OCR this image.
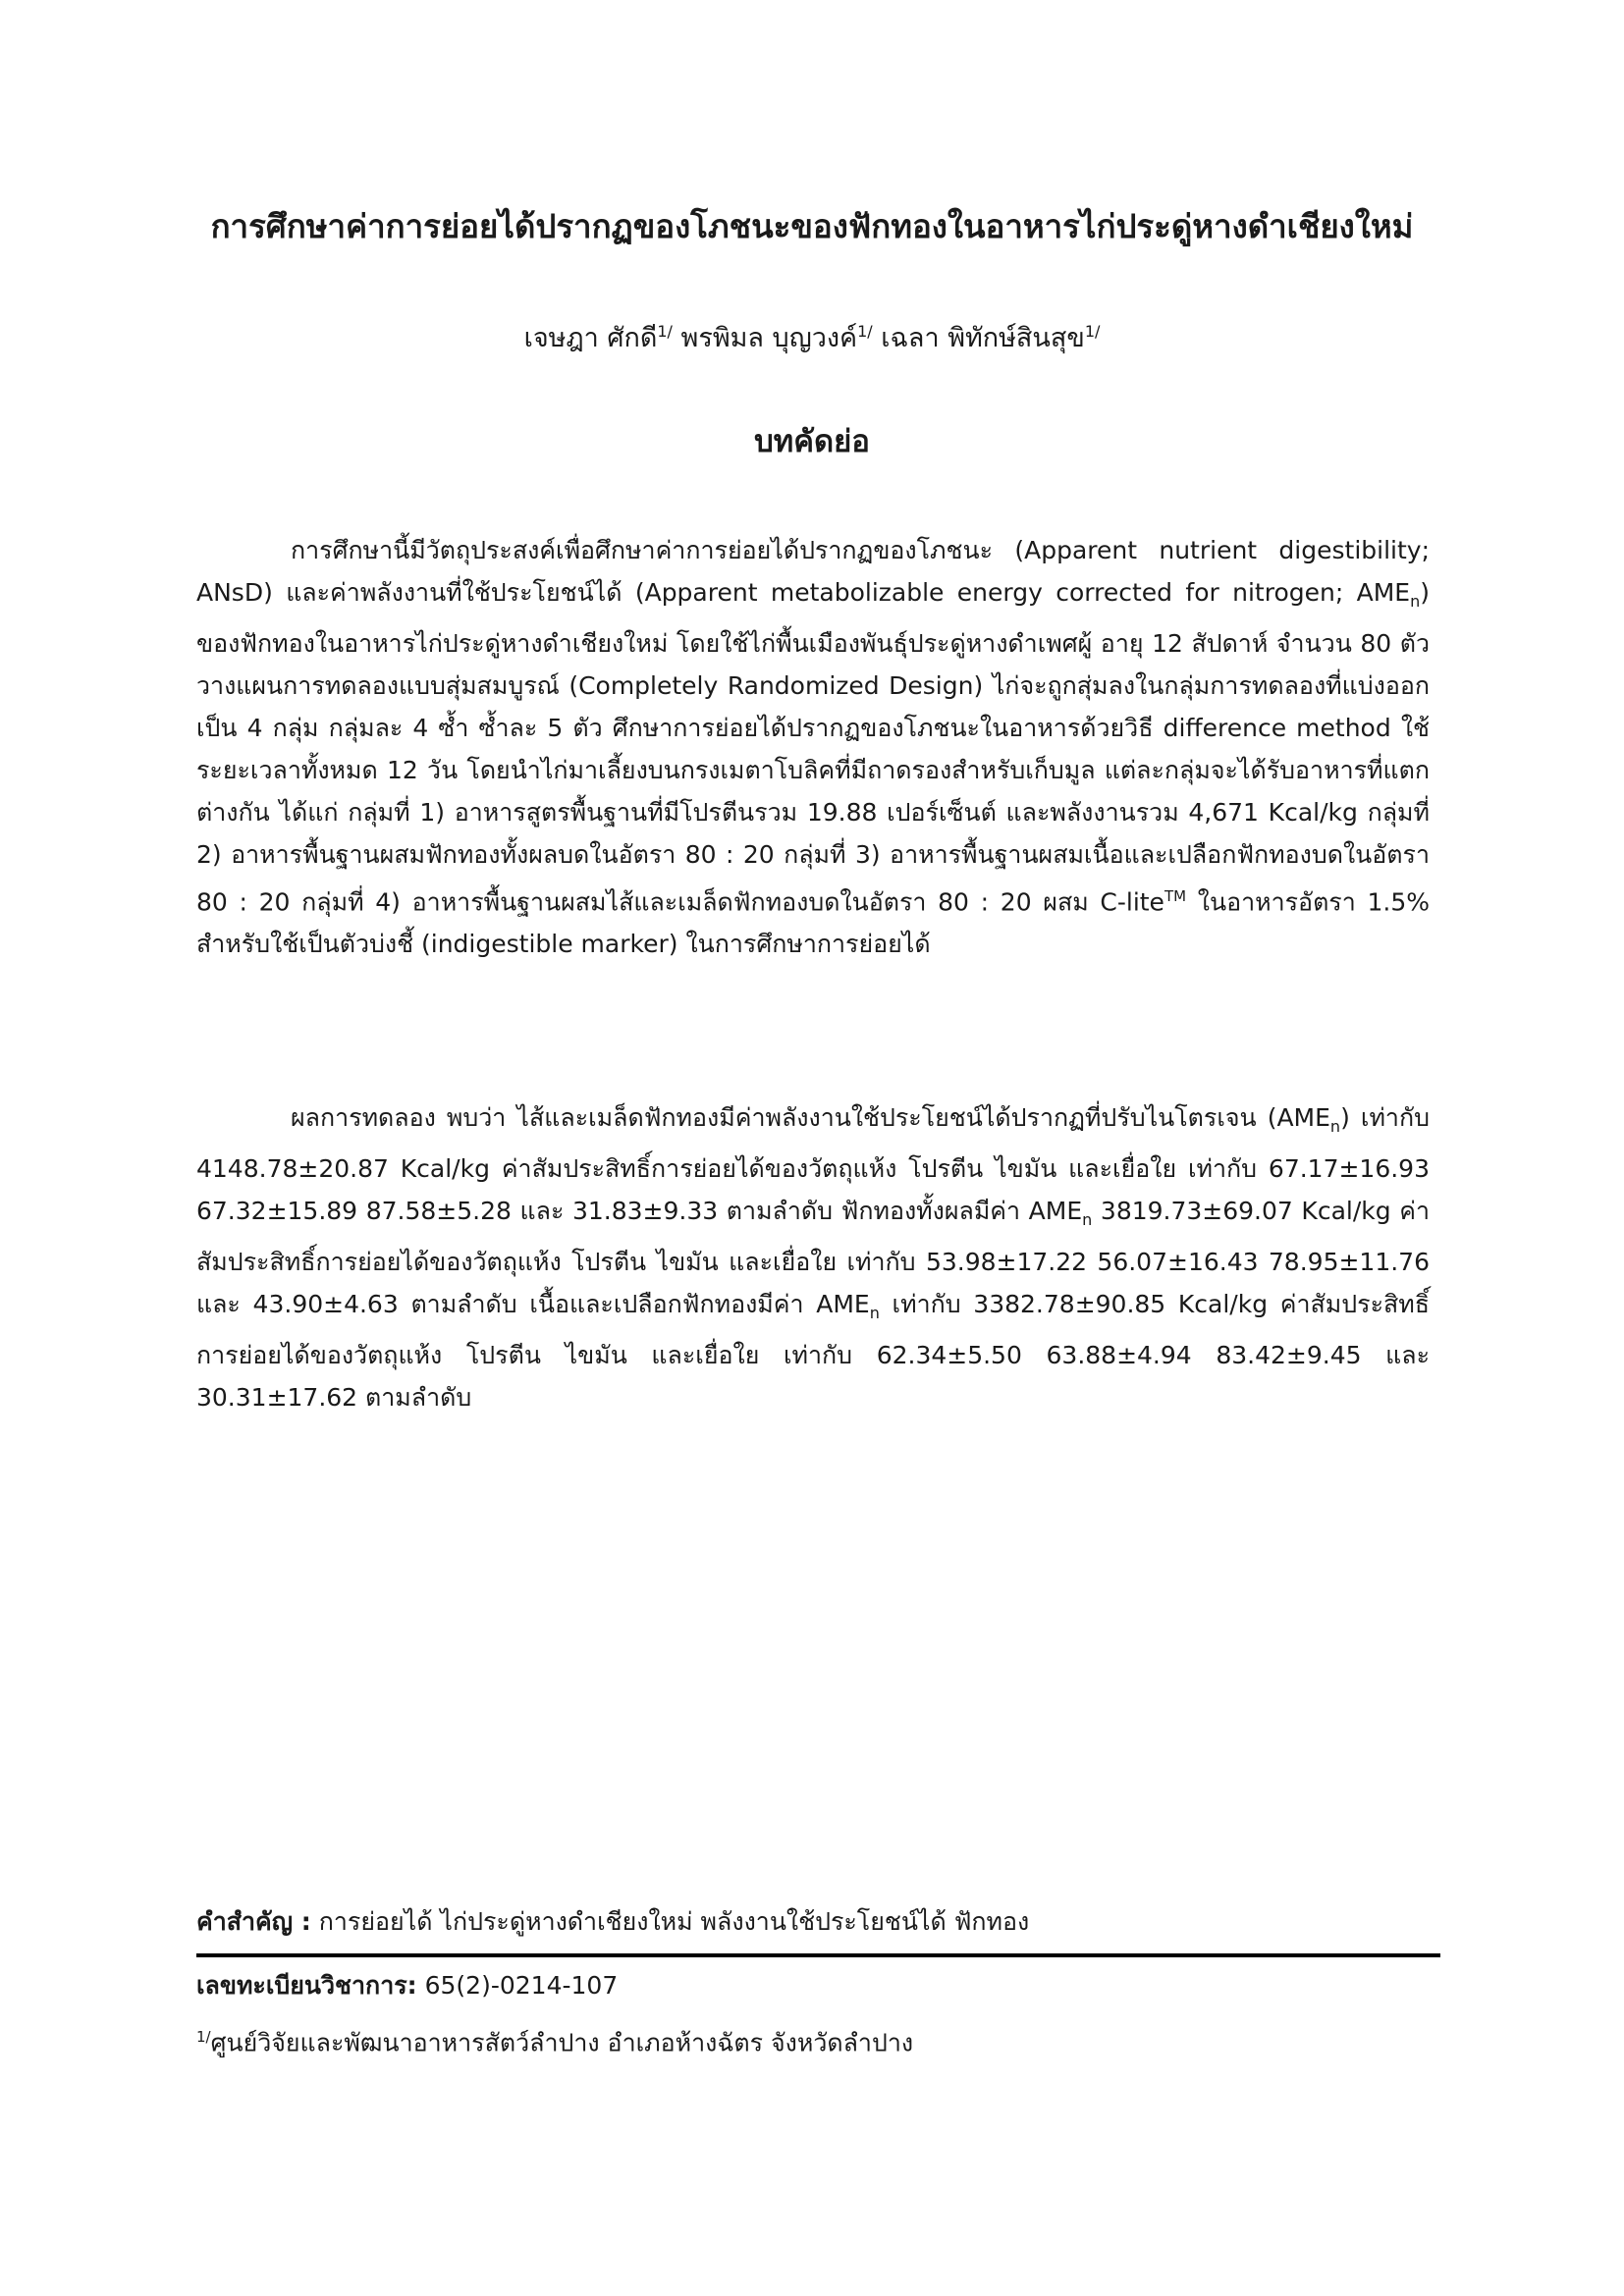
การศึกษาค่าการย่อยได้ปรากฏของโภชนะของฟักทองในอาหารไก่ประดู่หางดำเชียงใหม่
เจษฎา ศักดี$^{1/}$ พรพิมล บุญวงค์$^{1/}$ เฉลา พิทักษ์สินสุข$^{1/}$
บทคัดย่อ
การศึกษานี้มีวัตถุประสงค์เพื่อศึกษาค่าการย่อยได้ปรากฏของโภชนะ (Apparent nutrient digestibility; ANsD) และค่าพลังงานที่ใช้ประโยชน์ได้ (Apparent metabolizable energy corrected for nitrogen; $AME_n$) ของฟักทองในอาหารไก่ประดู่หางดำเชียงใหม่ โดยใช้ไก่พื้นเมืองพันธุ์ประดู่หางดำเพศผู้ อายุ 12 สัปดาห์ จำนวน 80 ตัว วางแผนการทดลองแบบสุ่มสมบูรณ์ (Completely Randomized Design) ไก่จะถูกสุ่มลงในกลุ่มการทดลองที่แบ่งออกเป็น 4 กลุ่ม กลุ่มละ 4 ซ้ำ ซ้ำละ 5 ตัว ศึกษาการย่อยได้ปรากฏของโภชนะในอาหารด้วยวิธี difference method ใช้ระยะเวลาทั้งหมด 12 วัน โดยนำไก่มาเลี้ยงบนกรงเมตาโบลิคที่มีถาดรองสำหรับเก็บมูล แต่ละกลุ่มจะได้รับอาหารที่แตกต่างกัน ได้แก่ กลุ่มที่ 1) อาหารสูตรพื้นฐานที่มีโปรตีนรวม 19.88 เปอร์เซ็นต์ และพลังงานรวม 4,671 Kcal/kg กลุ่มที่ 2) อาหารพื้นฐานผสมฟักทองทั้งผลบดในอัตรา 80 : 20 กลุ่มที่ 3) อาหารพื้นฐานผสมเนื้อและเปลือกฟักทองบดในอัตรา 80 : 20 กลุ่มที่ 4) อาหารพื้นฐานผสมไส้และเมล็ดฟักทองบดในอัตรา 80 : 20 ผสม C-lite™ ในอาหารอัตรา 1.5% สำหรับใช้เป็นตัวบ่งชี้ (indigestible marker) ในการศึกษาการย่อยได้
ผลการทดลอง พบว่า ไส้และเมล็ดฟักทองมีค่าพลังงานใช้ประโยชน์ได้ปรากฏที่ปรับไนโตรเจน $(AME_n)$ เท่ากับ 4148.78±20.87 Kcal/kg ค่าสัมประสิทธิ์การย่อยได้ของวัตถุแห้ง โปรตีน ไขมัน และเยื่อใย เท่ากับ 67.17±16.93 67.32±15.89 87.58±5.28 และ 31.83±9.33 ตามลำดับ ฟักทองทั้งผลมีค่า $AME_n$ 3819.73±69.07 Kcal/kg ค่าสัมประสิทธิ์การย่อยได้ของวัตถุแห้ง โปรตีน ไขมัน และเยื่อใย เท่ากับ 53.98±17.22 56.07±16.43 78.95±11.76 และ 43.90±4.63 ตามลำดับ เนื้อและเปลือกฟักทองมีค่า $AME_n$ เท่ากับ 3382.78±90.85 Kcal/kg ค่าสัมประสิทธิ์การย่อยได้ของวัตถุแห้ง โปรตีน ไขมัน และเยื่อใย เท่ากับ 62.34±5.50 63.88±4.94 83.42±9.45 และ 30.31±17.62 ตามลำดับ
คำสำคัญ : การย่อยได้ ไก่ประดู่หางดำเชียงใหม่ พลังงานใช้ประโยชน์ได้ ฟักทอง
เลขทะเบียนวิชาการ: 65(2)-0214-107
$^{1/}$ศูนย์วิจัยและพัฒนาอาหารสัตว์ลำปาง อำเภอห้างฉัตร จังหวัดลำปาง
